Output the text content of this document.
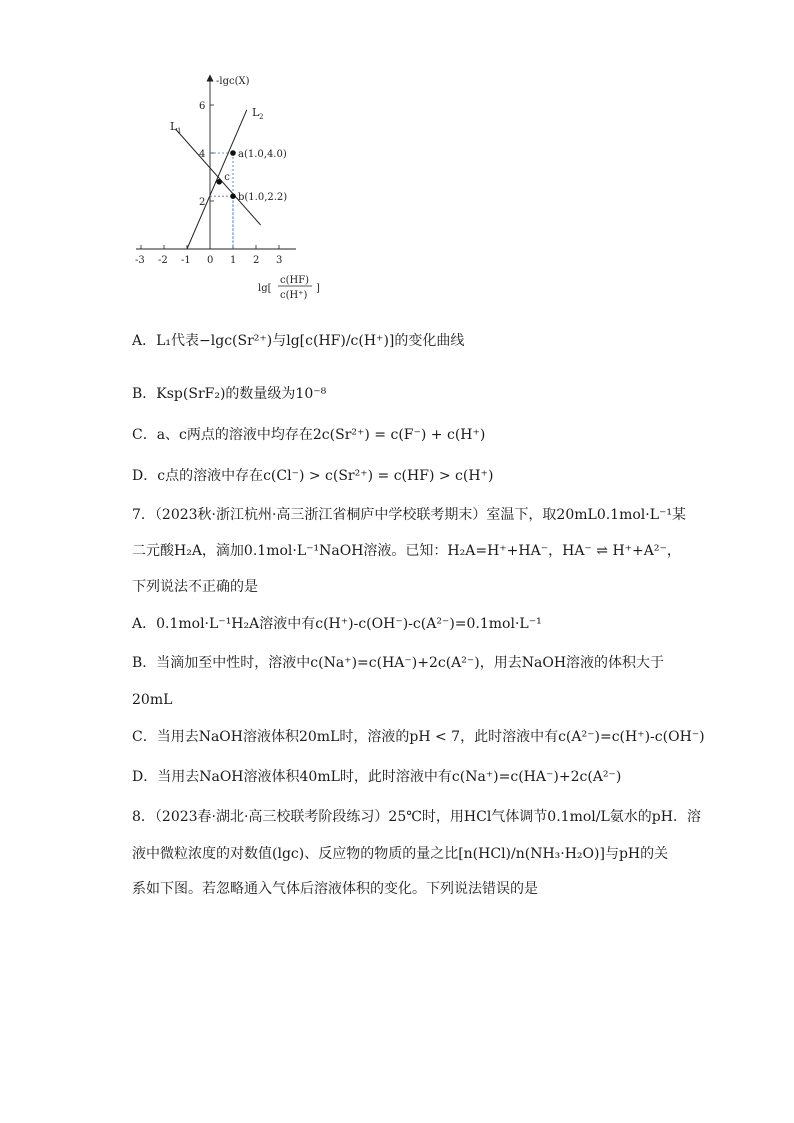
-3 -2 -1 0 1 2 3
2
4
6
a(1.0,4.0)
b(1.0,2.2)
c
-lgc(X)
lg[
c(HF)
c(H⁺)
]
L 1
L 2
A．L₁代表−lgc(Sr²⁺)与lg[c(HF)/c(H⁺)]的变化曲线
B．Ksp(SrF₂)的数量级为10⁻⁸
C．a、c两点的溶液中均存在2c(Sr²⁺) = c(F⁻) + c(H⁺)
D．c点的溶液中存在c(Cl⁻) > c(Sr²⁺) = c(HF) > c(H⁺)
7．（2023秋·浙江杭州·高三浙江省桐庐中学校联考期末）室温下，取20mL0.1mol·L⁻¹某
二元酸H₂A，滴加0.1mol·L⁻¹NaOH溶液。已知：H₂A=H⁺+HA⁻，HA⁻ ⇌ H⁺+A²⁻，
下列说法不正确的是
A．0.1mol·L⁻¹H₂A溶液中有c(H⁺)-c(OH⁻)-c(A²⁻)=0.1mol·L⁻¹
B．当滴加至中性时，溶液中c(Na⁺)=c(HA⁻)+2c(A²⁻)，用去NaOH溶液的体积大于
20mL
C．当用去NaOH溶液体积20mL时，溶液的pH < 7，此时溶液中有c(A²⁻)=c(H⁺)-c(OH⁻)
D．当用去NaOH溶液体积40mL时，此时溶液中有c(Na⁺)=c(HA⁻)+2c(A²⁻)
8．（2023春·湖北·高三校联考阶段练习）25℃时，用HCl气体调节0.1mol/L氨水的pH．溶
液中微粒浓度的对数值(lgc)、反应物的物质的量之比[n(HCl)/n(NH₃·H₂O)]与pH的关
系如下图。若忽略通入气体后溶液体积的变化。下列说法错误的是
